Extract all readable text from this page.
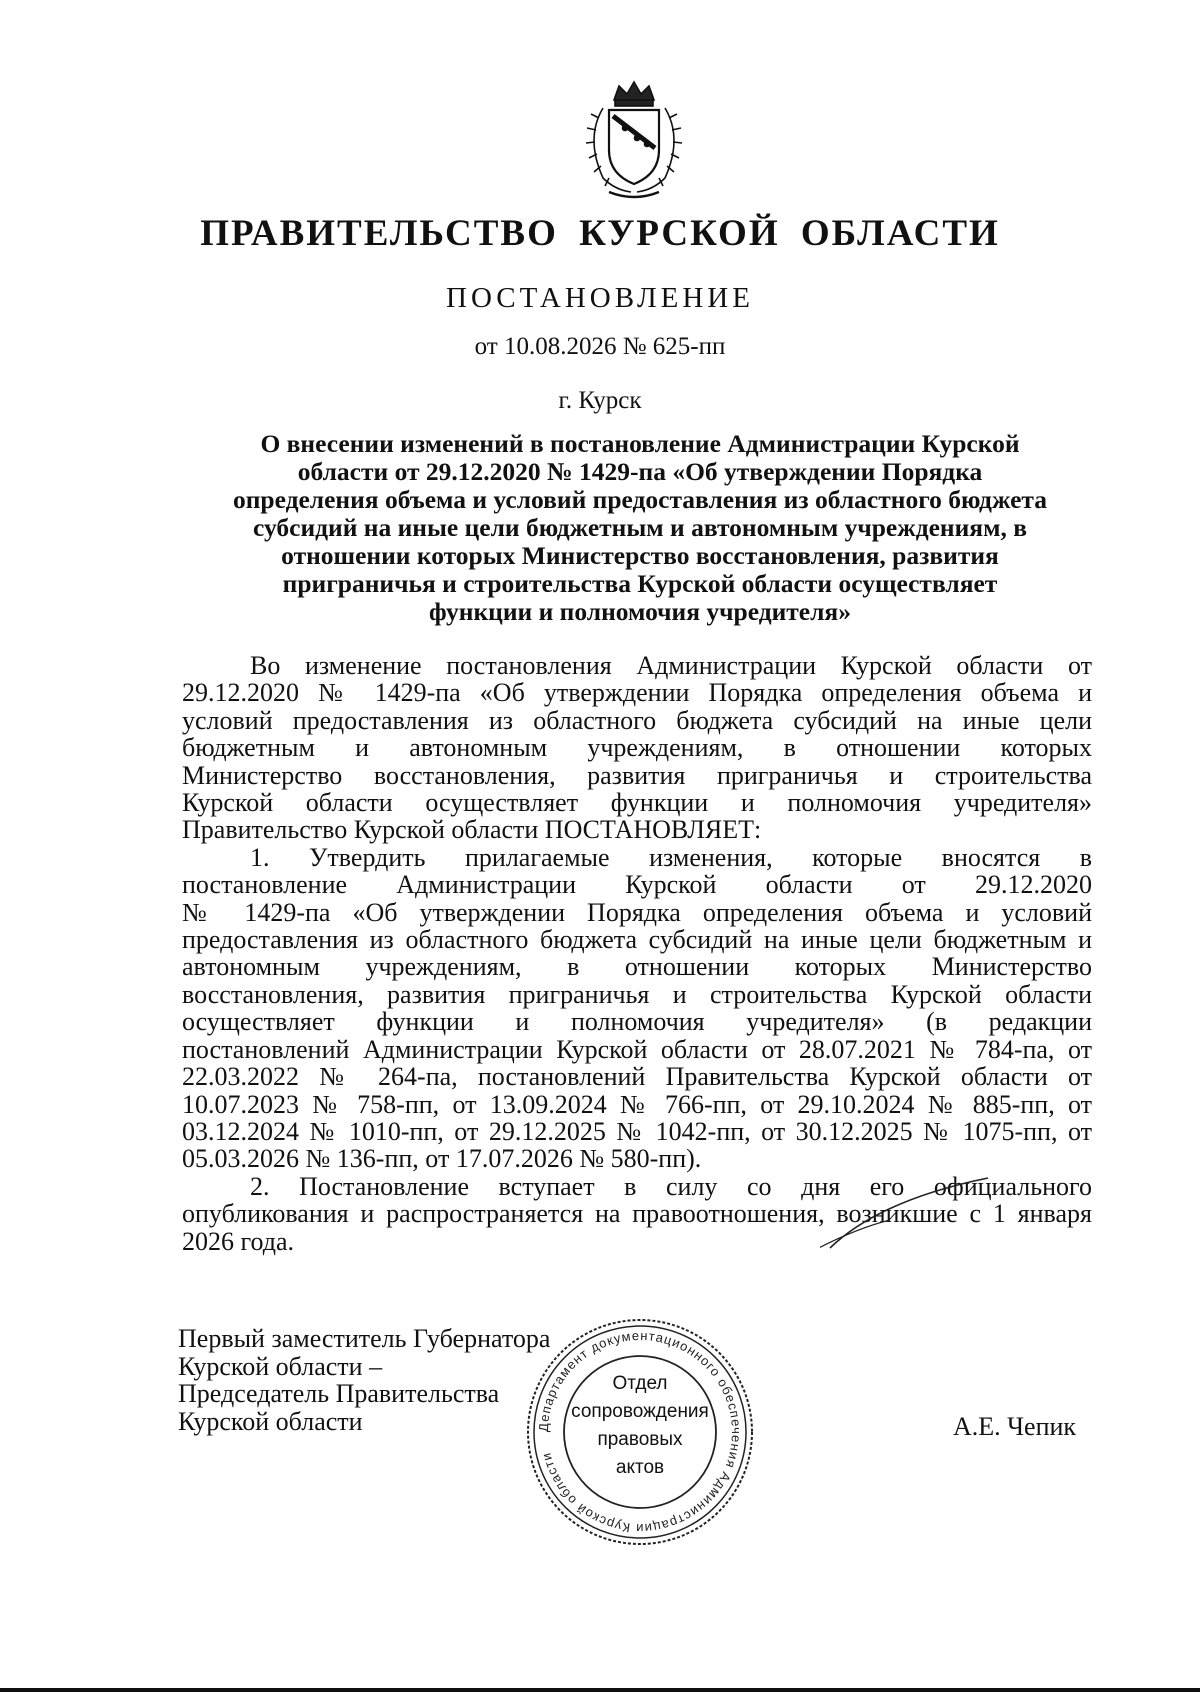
ПРАВИТЕЛЬСТВО КУРСКОЙ ОБЛАСТИ
ПОСТАНОВЛЕНИЕ
от 10.08.2026 № 625-пп
г. Курск
О внесении изменений в постановление Администрации Курской
области от 29.12.2020 № 1429-па «Об утверждении Порядка
определения объема и условий предоставления из областного бюджета
субсидий на иные цели бюджетным и автономным учреждениям, в
отношении которых Министерство восстановления, развития
приграничья и строительства Курской области осуществляет
функции и полномочия учредителя»
Во изменение постановления Администрации Курской области от
29.12.2020 № 1429-па «Об утверждении Порядка определения объема и
условий предоставления из областного бюджета субсидий на иные цели
бюджетным и автономным учреждениям, в отношении которых
Министерство восстановления, развития приграничья и строительства
Курской области осуществляет функции и полномочия учредителя»
Правительство Курской области ПОСТАНОВЛЯЕТ:
1. Утвердить прилагаемые изменения, которые вносятся в
постановление Администрации Курской области от 29.12.2020
№ 1429-па «Об утверждении Порядка определения объема и условий
предоставления из областного бюджета субсидий на иные цели бюджетным и
автономным учреждениям, в отношении которых Министерство
восстановления, развития приграничья и строительства Курской области
осуществляет функции и полномочия учредителя» (в редакции
постановлений Администрации Курской области от 28.07.2021 № 784-па, от
22.03.2022 № 264-па, постановлений Правительства Курской области от
10.07.2023 № 758-пп, от 13.09.2024 № 766-пп, от 29.10.2024 № 885-пп, от
03.12.2024 № 1010-пп, от 29.12.2025 № 1042-пп, от 30.12.2025 № 1075-пп, от
05.03.2026 № 136-пп, от 17.07.2026 № 580-пп).
2. Постановление вступает в силу со дня его официального
опубликования и распространяется на правоотношения, возникшие с 1 января
2026 года.
Первый заместитель Губернатора
Курской области –
Председатель Правительства
Курской области	Департамент документационного обеспечения Администрации Курской области
Отдел
сопровождения
правовых
актов
А.Е. Чепик
